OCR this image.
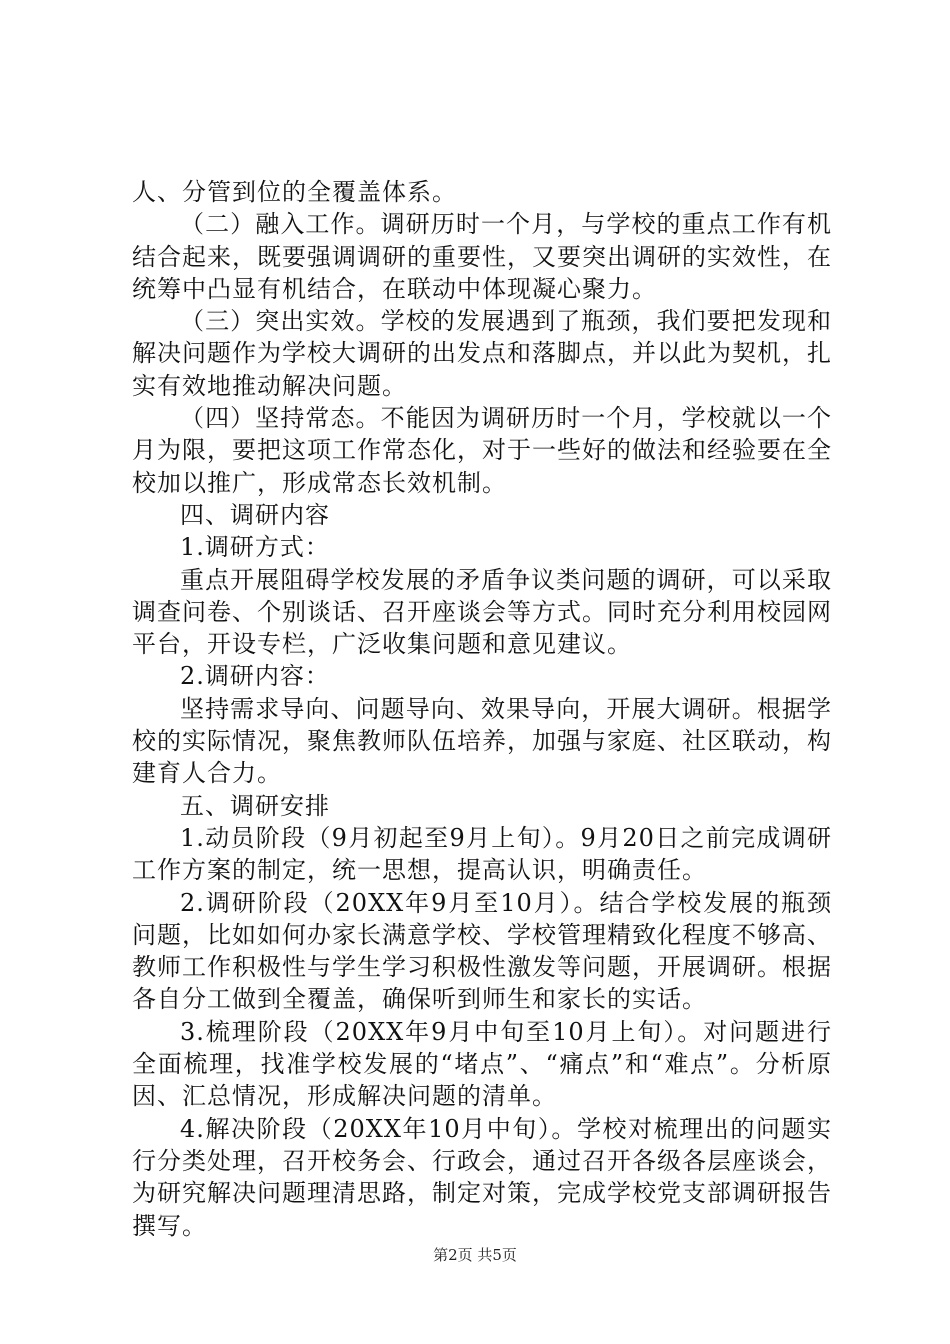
人、分管到位的全覆盖体系。

（二）融入工作。调研历时一个月，与学校的重点工作有机结合起来，既要强调调研的重要性，又要突出调研的实效性，在统筹中凸显有机结合，在联动中体现凝心聚力。

（三）突出实效。学校的发展遇到了瓶颈，我们要把发现和解决问题作为学校大调研的出发点和落脚点，并以此为契机，扎实有效地推动解决问题。

（四）坚持常态。不能因为调研历时一个月，学校就以一个月为限，要把这项工作常态化，对于一些好的做法和经验要在全校加以推广，形成常态长效机制。

四、调研内容

1.调研方式：

重点开展阻碍学校发展的矛盾争议类问题的调研，可以采取调查问卷、个别谈话、召开座谈会等方式。同时充分利用校园网平台，开设专栏，广泛收集问题和意见建议。

2.调研内容：

坚持需求导向、问题导向、效果导向，开展大调研。根据学校的实际情况，聚焦教师队伍培养，加强与家庭、社区联动，构建育人合力。

五、调研安排

1.动员阶段（9月初起至9月上旬）。9月20日之前完成调研工作方案的制定，统一思想，提高认识，明确责任。

2.调研阶段（20XX年9月至10月）。结合学校发展的瓶颈问题，比如如何办家长满意学校、学校管理精致化程度不够高、教师工作积极性与学生学习积极性激发等问题，开展调研。根据各自分工做到全覆盖，确保听到师生和家长的实话。

3.梳理阶段（20XX年9月中旬至10月上旬）。对问题进行全面梳理，找准学校发展的“堵点”、“痛点”和“难点”。分析原因、汇总情况，形成解决问题的清单。

4.解决阶段（20XX年10月中旬）。学校对梳理出的问题实行分类处理，召开校务会、行政会，通过召开各级各层座谈会，为研究解决问题理清思路，制定对策，完成学校党支部调研报告撰写。

第2页 共5页
